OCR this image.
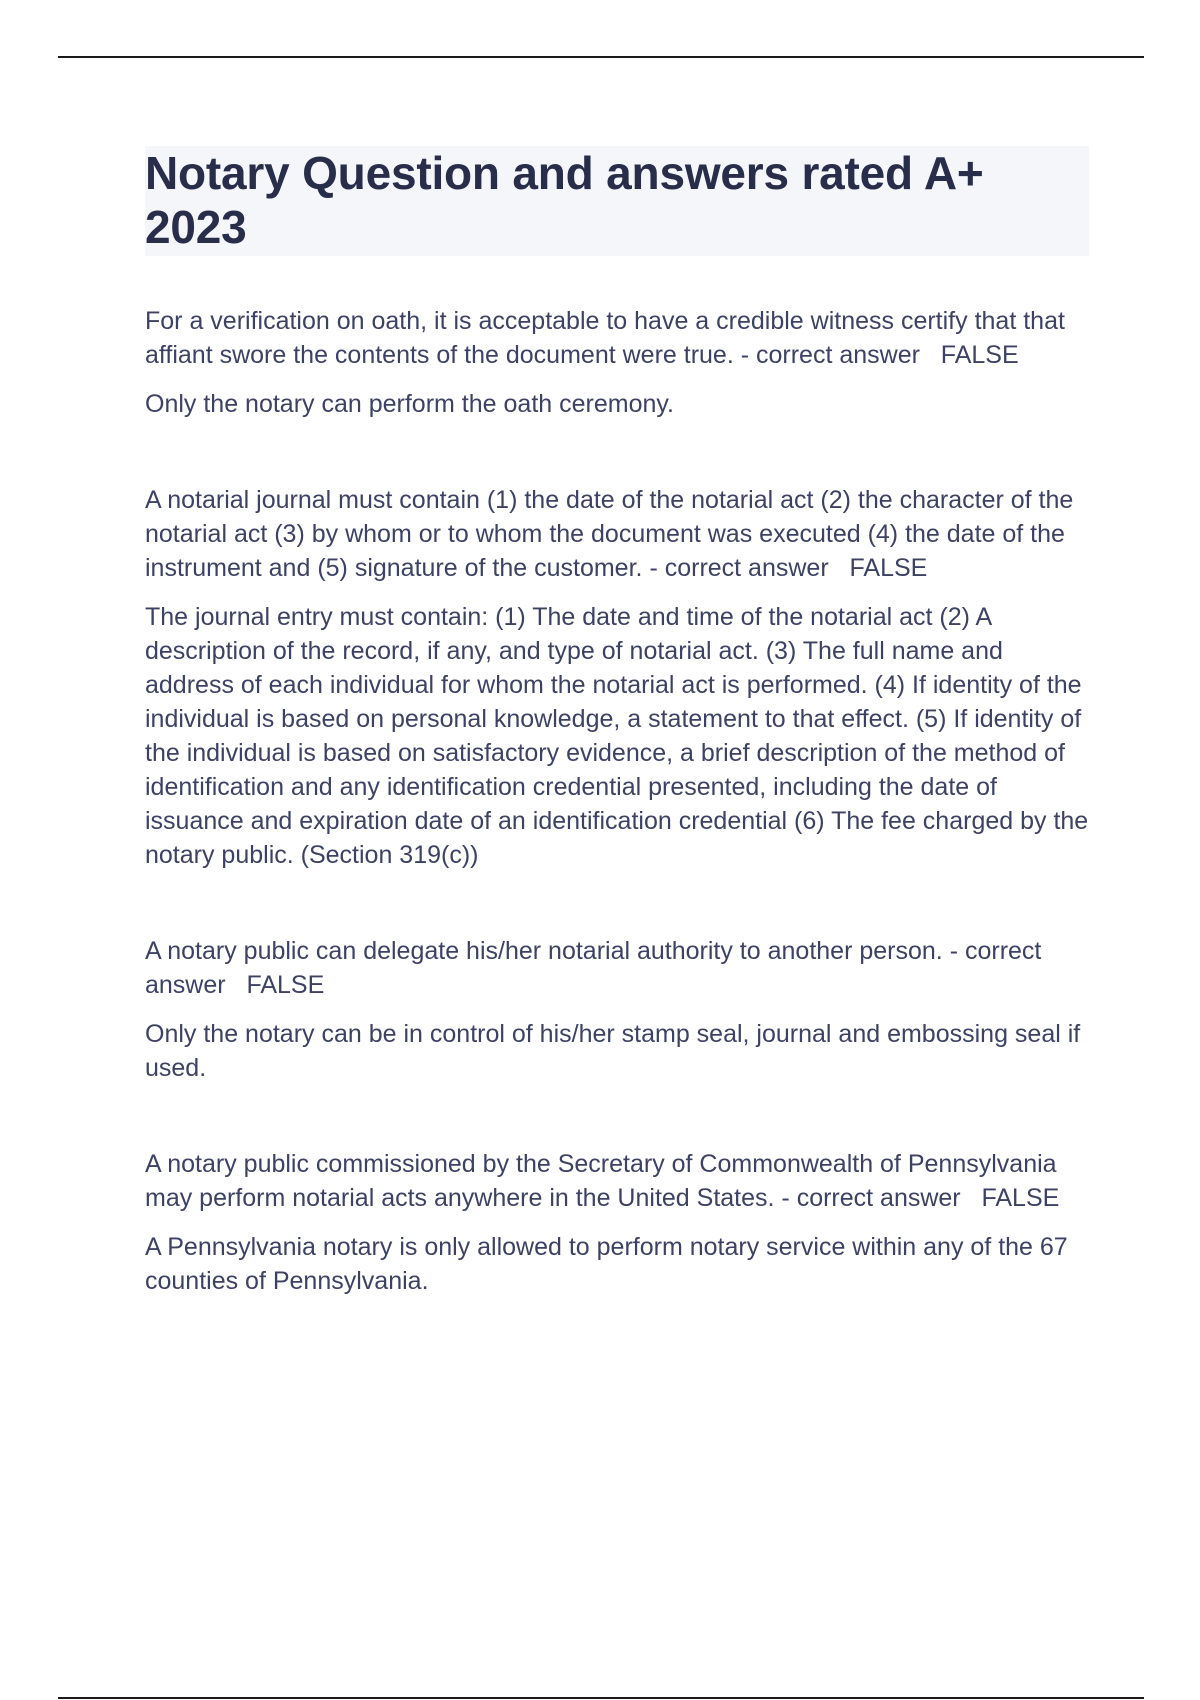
Notary Question and answers rated A+ 2023

For a verification on oath, it is acceptable to have a credible witness certify that that affiant swore the contents of the document were true. - correct answer FALSE

Only the notary can perform the oath ceremony.

A notarial journal must contain (1) the date of the notarial act (2) the character of the notarial act (3) by whom or to whom the document was executed (4) the date of the instrument and (5) signature of the customer. - correct answer FALSE

The journal entry must contain: (1) The date and time of the notarial act (2) A description of the record, if any, and type of notarial act. (3) The full name and address of each individual for whom the notarial act is performed. (4) If identity of the individual is based on personal knowledge, a statement to that effect. (5) If identity of the individual is based on satisfactory evidence, a brief description of the method of identification and any identification credential presented, including the date of issuance and expiration date of an identification credential (6) The fee charged by the notary public. (Section 319(c))

A notary public can delegate his/her notarial authority to another person. - correct answer FALSE

Only the notary can be in control of his/her stamp seal, journal and embossing seal if used.

A notary public commissioned by the Secretary of Commonwealth of Pennsylvania may perform notarial acts anywhere in the United States. - correct answer FALSE

A Pennsylvania notary is only allowed to perform notary service within any of the 67 counties of Pennsylvania.
